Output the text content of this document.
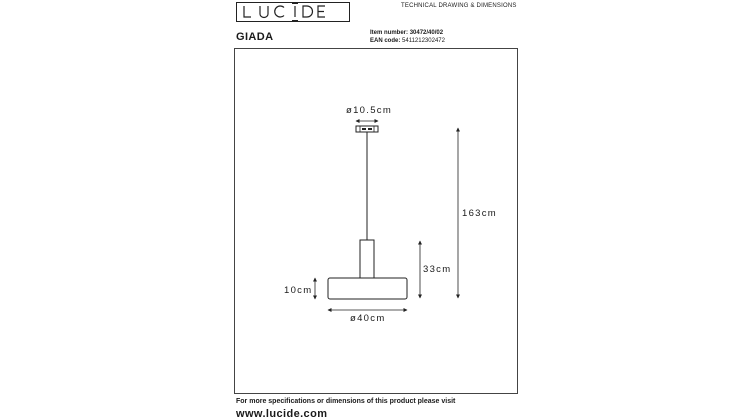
TECHNICAL DRAWING & DIMENSIONS
GIADA	Item number: 30472/40/02
EAN code: 5411212302472
ø10.5cm
163cm
33cm
10cm
ø40cm
For more specifications or dimensions of this product please visit
www.lucide.com
